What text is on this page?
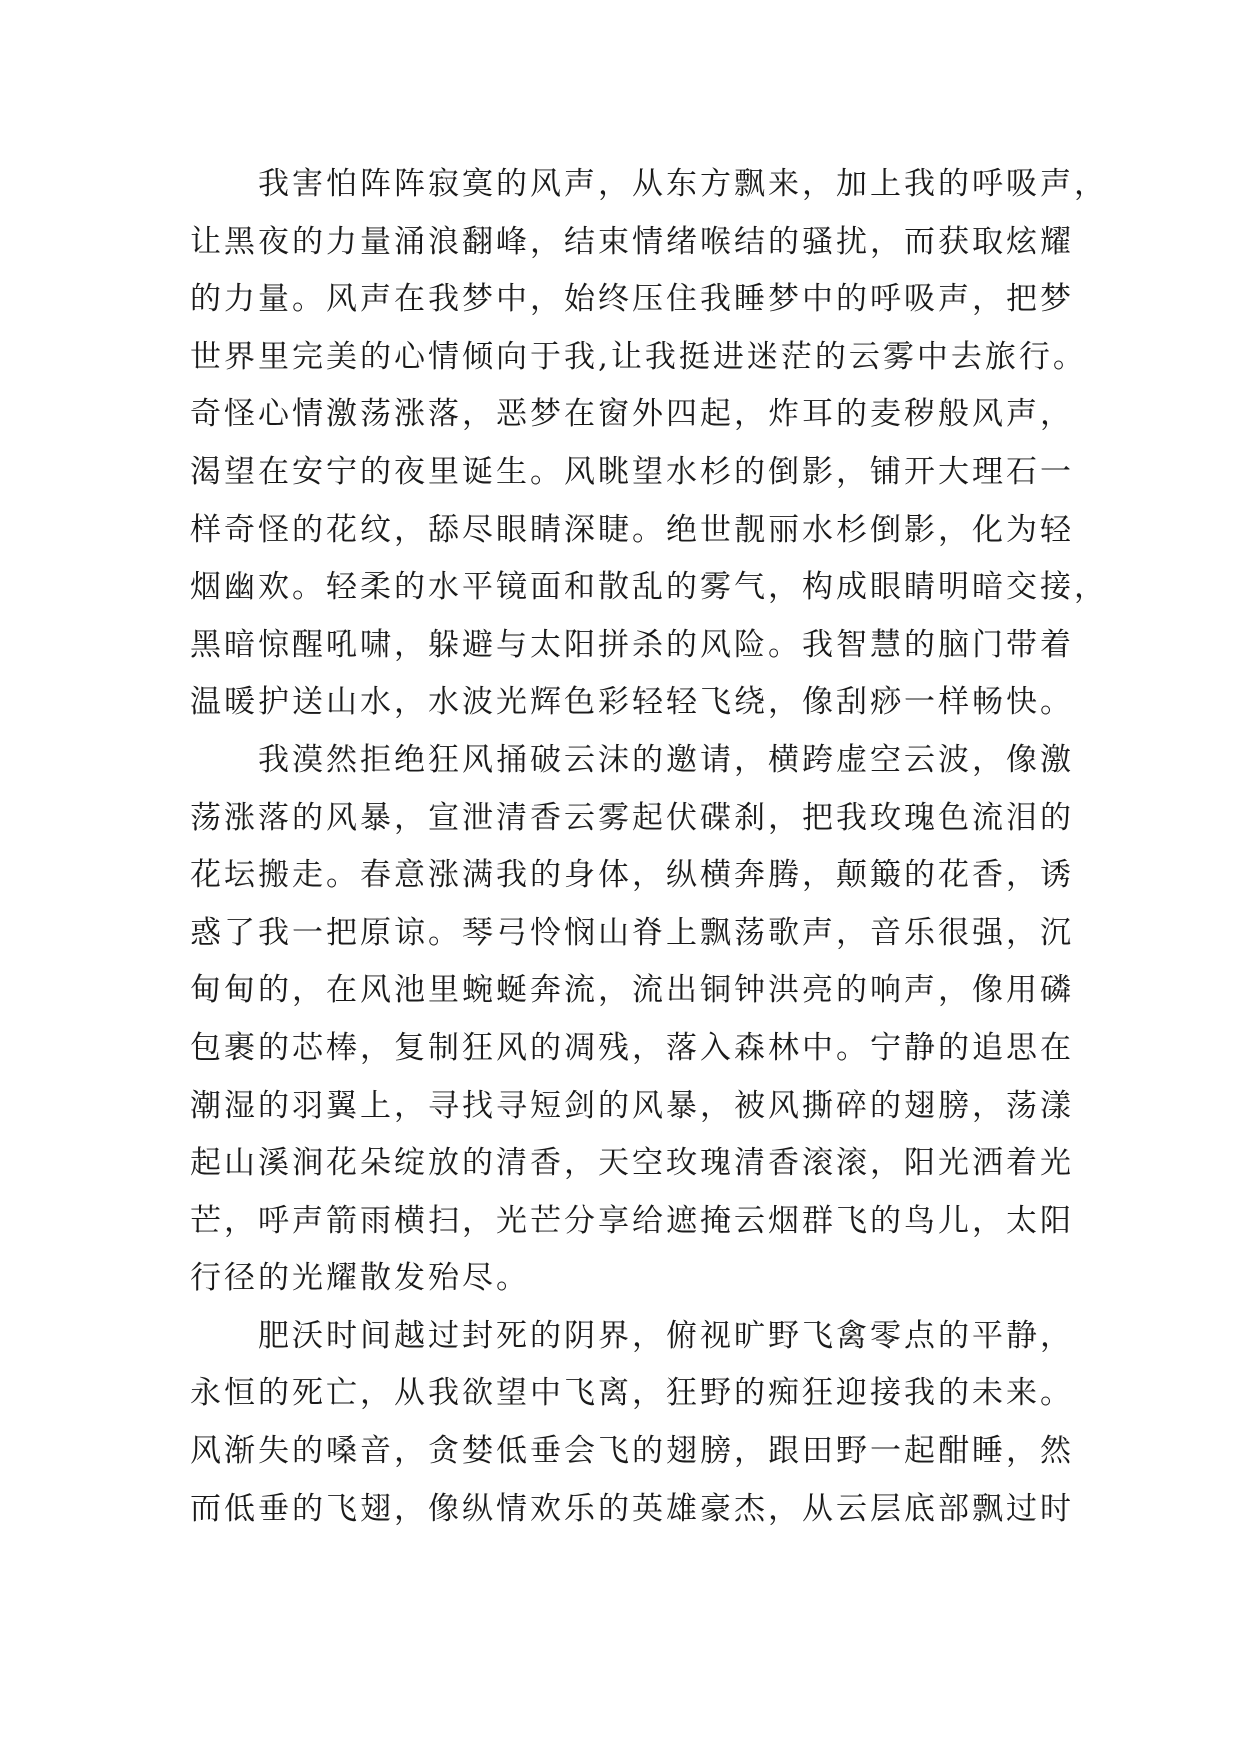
我害怕阵阵寂寞的风声，从东方飘来，加上我的呼吸声，
让黑夜的力量涌浪翻峰，结束情绪喉结的骚扰，而获取炫耀
的力量。风声在我梦中，始终压住我睡梦中的呼吸声，把梦
世界里完美的心情倾向于我,让我挺进迷茫的云雾中去旅行。
奇怪心情激荡涨落，恶梦在窗外四起，炸耳的麦秽般风声，
渴望在安宁的夜里诞生。风眺望水杉的倒影，铺开大理石一
样奇怪的花纹，舔尽眼睛深睫。绝世靓丽水杉倒影，化为轻
烟幽欢。轻柔的水平镜面和散乱的雾气，构成眼睛明暗交接，
黑暗惊醒吼啸，躲避与太阳拼杀的风险。我智慧的脑门带着
温暖护送山水，水波光辉色彩轻轻飞绕，像刮痧一样畅快。
我漠然拒绝狂风捅破云沫的邀请，横跨虚空云波，像激
荡涨落的风暴，宣泄清香云雾起伏碟刹，把我玫瑰色流泪的
花坛搬走。春意涨满我的身体，纵横奔腾，颠簸的花香，诱
惑了我一把原谅。琴弓怜悯山脊上飘荡歌声，音乐很强，沉
甸甸的，在风池里蜿蜒奔流，流出铜钟洪亮的响声，像用磷
包裹的芯棒，复制狂风的凋残，落入森林中。宁静的追思在
潮湿的羽翼上，寻找寻短剑的风暴，被风撕碎的翅膀，荡漾
起山溪涧花朵绽放的清香，天空玫瑰清香滚滚，阳光洒着光
芒，呼声箭雨横扫，光芒分享给遮掩云烟群飞的鸟儿，太阳
行径的光耀散发殆尽。
肥沃时间越过封死的阴界，俯视旷野飞禽零点的平静，
永恒的死亡，从我欲望中飞离，狂野的痴狂迎接我的未来。
风渐失的嗓音，贪婪低垂会飞的翅膀，跟田野一起酣睡，然
而低垂的飞翅，像纵情欢乐的英雄豪杰，从云层底部飘过时
